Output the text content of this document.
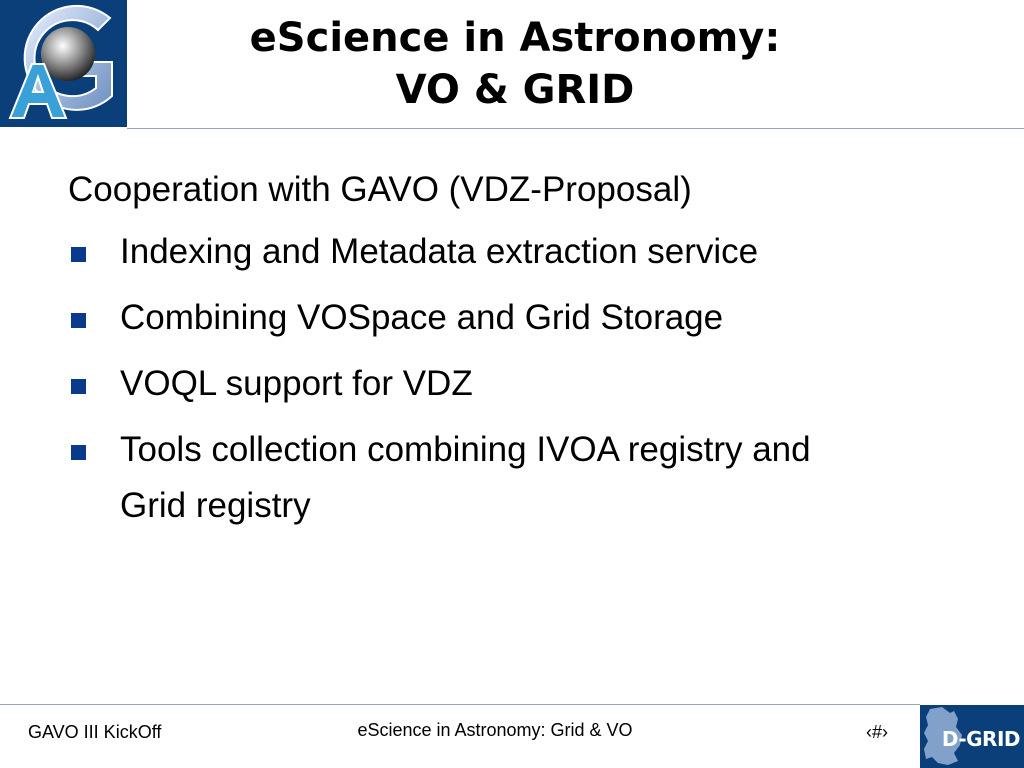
eScience in Astronomy:
VO & GRID

Cooperation with GAVO (VDZ-Proposal)

Indexing and Metadata extraction service
Combining VOSpace and Grid Storage
VOQL support for VDZ
Tools collection combining IVOA registry and Grid registry
GAVO III KickOff	eScience in Astronomy: Grid & VO	‹#›	D-GRID
